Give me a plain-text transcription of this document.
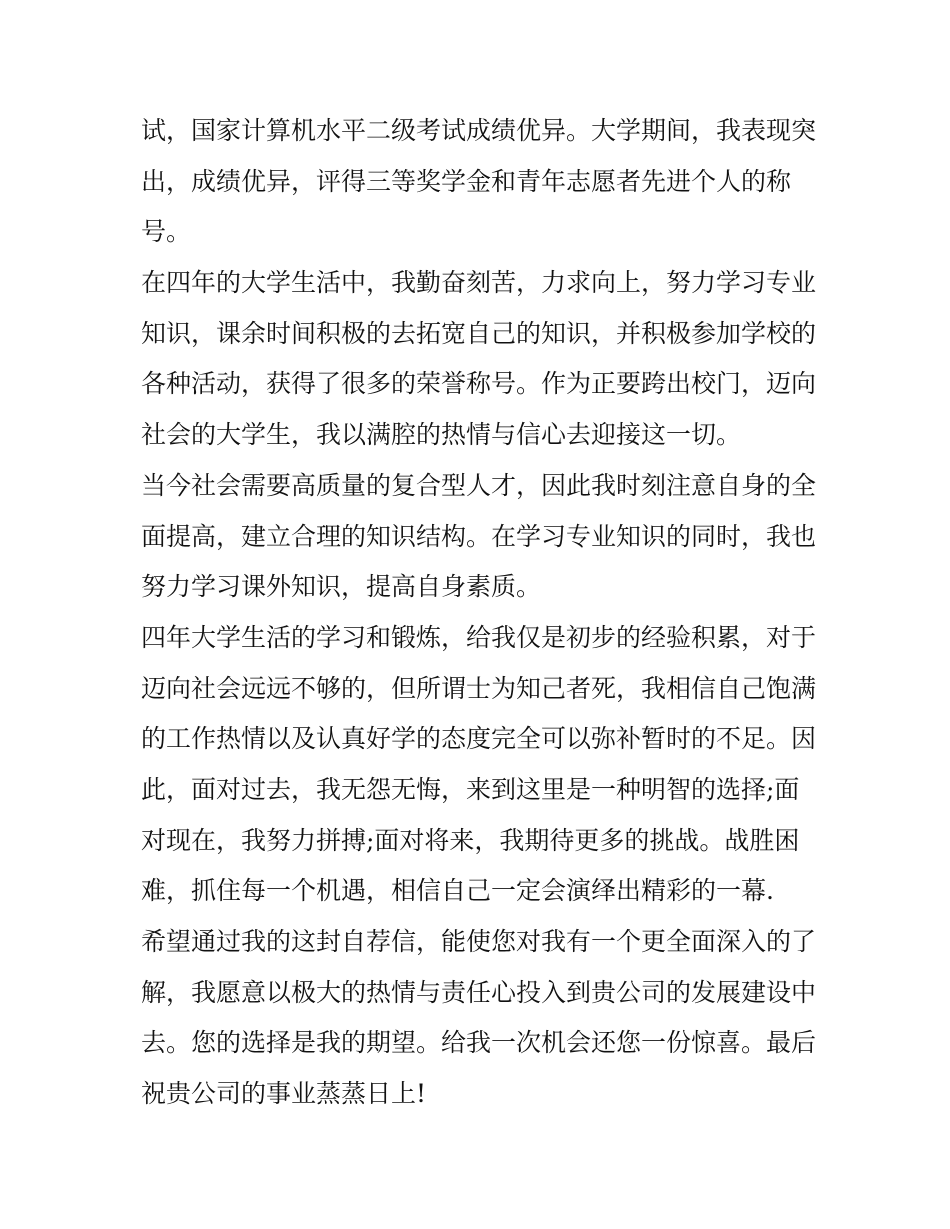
试，国家计算机水平二级考试成绩优异。大学期间，我表现突
出，成绩优异，评得三等奖学金和青年志愿者先进个人的称
号。

在四年的大学生活中，我勤奋刻苦，力求向上，努力学习专业
知识，课余时间积极的去拓宽自己的知识，并积极参加学校的
各种活动，获得了很多的荣誉称号。作为正要跨出校门，迈向
社会的大学生，我以满腔的热情与信心去迎接这一切。

当今社会需要高质量的复合型人才，因此我时刻注意自身的全
面提高，建立合理的知识结构。在学习专业知识的同时，我也
努力学习课外知识，提高自身素质。

四年大学生活的学习和锻炼，给我仅是初步的经验积累，对于
迈向社会远远不够的，但所谓士为知己者死，我相信自己饱满
的工作热情以及认真好学的态度完全可以弥补暂时的不足。因
此，面对过去，我无怨无悔，来到这里是一种明智的选择;面
对现在，我努力拼搏;面对将来，我期待更多的挑战。战胜困
难，抓住每一个机遇，相信自己一定会演绎出精彩的一幕.

希望通过我的这封自荐信，能使您对我有一个更全面深入的了
解，我愿意以极大的热情与责任心投入到贵公司的发展建设中
去。您的选择是我的期望。给我一次机会还您一份惊喜。最后
祝贵公司的事业蒸蒸日上!
